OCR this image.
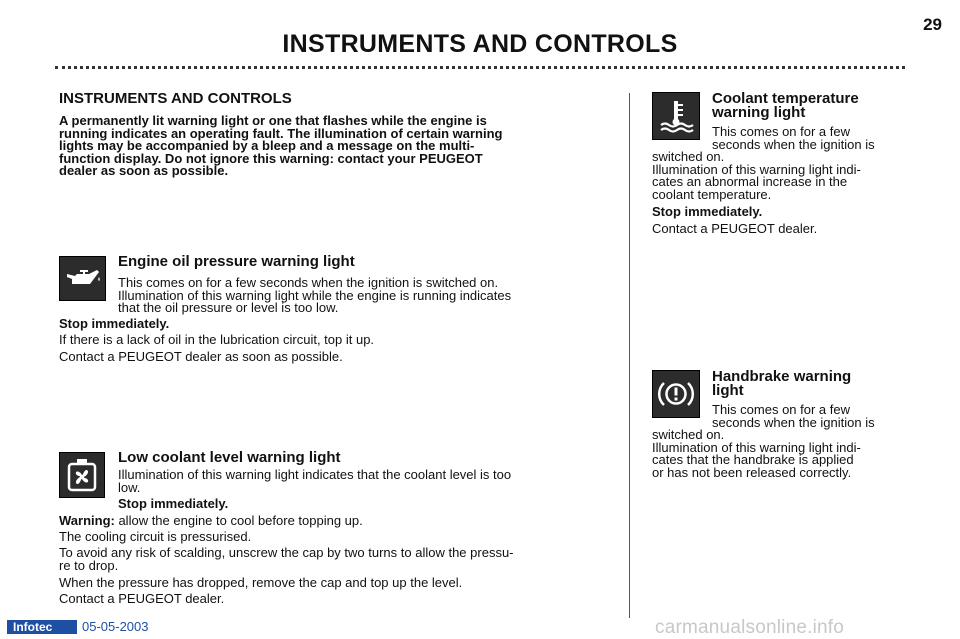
INSTRUMENTS AND CONTROLS
29
INSTRUMENTS AND CONTROLS
A permanently lit warning light or one that flashes while the engine is
running indicates an operating fault. The illumination of certain warning
lights may be accompanied by a bleep and a message on the multi-
function display. Do not ignore this warning: contact your PEUGEOT
dealer as soon as possible.
Engine oil pressure warning light
This comes on for a few seconds when the ignition is switched on.
Illumination of this warning light while the engine is running indicates
that the oil pressure or level is too low.
Stop immediately.
If there is a lack of oil in the lubrication circuit, top it up.
Contact a PEUGEOT dealer as soon as possible.
Low coolant level warning light
Illumination of this warning light indicates that the coolant level is too
low.
Stop immediately.
Warning: allow the engine to cool before topping up.
The cooling circuit is pressurised.
To avoid any risk of scalding, unscrew the cap by two turns to allow the pressu-
re to drop.
When the pressure has dropped, remove the cap and top up the level.
Contact a PEUGEOT dealer.
Coolant temperature
warning light
This comes on for a few
seconds when the ignition is
switched on.
Illumination of this warning light indi-
cates an abnormal increase in the
coolant temperature.
Stop immediately.
Contact a PEUGEOT dealer.
Handbrake warning
light
This comes on for a few
seconds when the ignition is
switched on.
Illumination of this warning light indi-
cates that the handbrake is applied
or has not been released correctly.
Infotec	05-05-2003	carmanualsonline.info
